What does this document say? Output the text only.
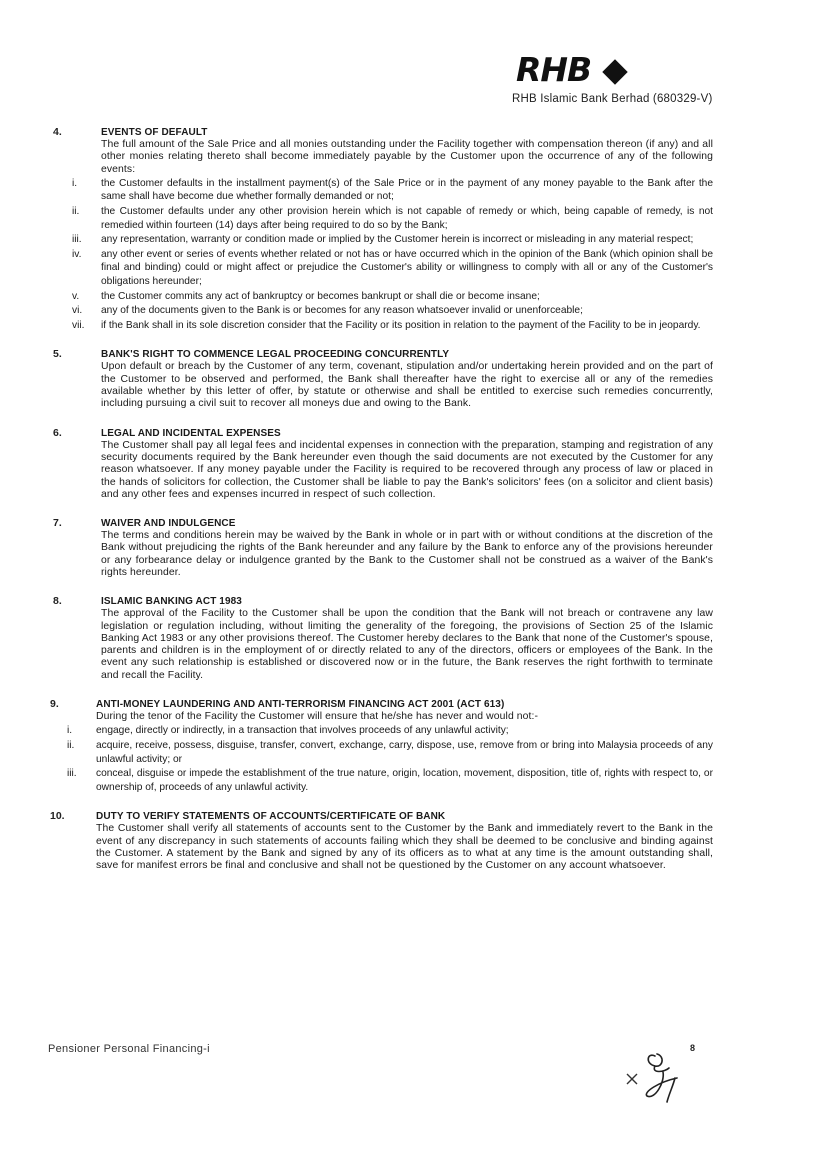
RHB
RHB Islamic Bank Berhad (680329-V)
4.	EVENTS OF DEFAULT
The full amount of the Sale Price and all monies outstanding under the Facility together with compensation thereon (if any) and all other monies relating thereto shall become immediately payable by the Customer upon the occurrence of any of the following events:
i.	the Customer defaults in the installment payment(s) of the Sale Price or in the payment of any money payable to the Bank after the same shall have become due whether formally demanded or not;
ii.	the Customer defaults under any other provision herein which is not capable of remedy or which, being capable of remedy, is not remedied within fourteen (14) days after being required to do so by the Bank;
iii.	any representation, warranty or condition made or implied by the Customer herein is incorrect or misleading in any material respect;
iv.	any other event or series of events whether related or not has or have occurred which in the opinion of the Bank (which opinion shall be final and binding) could or might affect or prejudice the Customer's ability or willingness to comply with all or any of the Customer's obligations hereunder;
v.	the Customer commits any act of bankruptcy or becomes bankrupt or shall die or become insane;
vi.	any of the documents given to the Bank is or becomes for any reason whatsoever invalid or unenforceable;
vii.	if the Bank shall in its sole discretion consider that the Facility or its position in relation to the payment of the Facility to be in jeopardy.
5.	BANK'S RIGHT TO COMMENCE LEGAL PROCEEDING CONCURRENTLY
Upon default or breach by the Customer of any term, covenant, stipulation and/or undertaking herein provided and on the part of the Customer to be observed and performed, the Bank shall thereafter have the right to exercise all or any of the remedies available whether by this letter of offer, by statute or otherwise and shall be entitled to exercise such remedies concurrently, including pursuing a civil suit to recover all moneys due and owing to the Bank.
6.	LEGAL AND INCIDENTAL EXPENSES
The Customer shall pay all legal fees and incidental expenses in connection with the preparation, stamping and registration of any security documents required by the Bank hereunder even though the said documents are not executed by the Customer for any reason whatsoever. If any money payable under the Facility is required to be recovered through any process of law or placed in the hands of solicitors for collection, the Customer shall be liable to pay the Bank's solicitors' fees (on a solicitor and client basis) and any other fees and expenses incurred in respect of such collection.
7.	WAIVER AND INDULGENCE
The terms and conditions herein may be waived by the Bank in whole or in part with or without conditions at the discretion of the Bank without prejudicing the rights of the Bank hereunder and any failure by the Bank to enforce any of the provisions hereunder or any forbearance delay or indulgence granted by the Bank to the Customer shall not be construed as a waiver of the Bank's rights hereunder.
8.	ISLAMIC BANKING ACT 1983
The approval of the Facility to the Customer shall be upon the condition that the Bank will not breach or contravene any law legislation or regulation including, without limiting the generality of the foregoing, the provisions of Section 25 of the Islamic Banking Act 1983 or any other provisions thereof. The Customer hereby declares to the Bank that none of the Customer's spouse, parents and children is in the employment of or directly related to any of the directors, officers or employees of the Bank. In the event any such relationship is established or discovered now or in the future, the Bank reserves the right forthwith to terminate and recall the Facility.
9.	ANTI-MONEY LAUNDERING AND ANTI-TERRORISM FINANCING ACT 2001 (ACT 613)
During the tenor of the Facility the Customer will ensure that he/she has never and would not:-
i.	engage, directly or indirectly, in a transaction that involves proceeds of any unlawful activity;
ii.	acquire, receive, possess, disguise, transfer, convert, exchange, carry, dispose, use, remove from or bring into Malaysia proceeds of any unlawful activity; or
iii.	conceal, disguise or impede the establishment of the true nature, origin, location, movement, disposition, title of, rights with respect to, or ownership of, proceeds of any unlawful activity.
10.	DUTY TO VERIFY STATEMENTS OF ACCOUNTS/CERTIFICATE OF BANK
The Customer shall verify all statements of accounts sent to the Customer by the Bank and immediately revert to the Bank in the event of any discrepancy in such statements of accounts failing which they shall be deemed to be conclusive and binding against the Customer. A statement by the Bank and signed by any of its officers as to what at any time is the amount outstanding shall, save for manifest errors be final and conclusive and shall not be questioned by the Customer on any account whatsoever.
Pensioner Personal Financing-i	8
